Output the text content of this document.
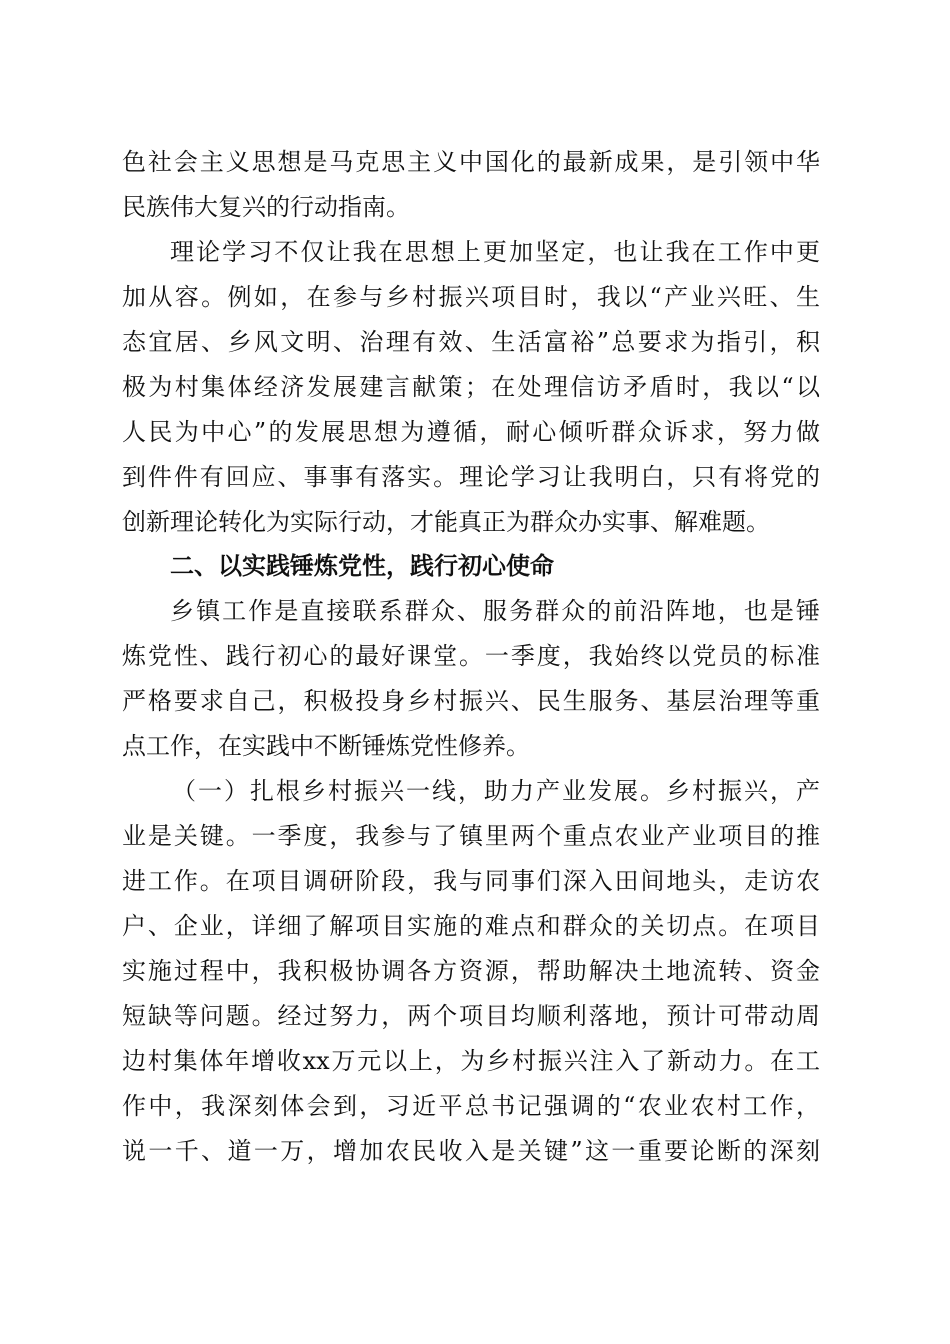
色社会主义思想是马克思主义中国化的最新成果，是引领中华
民族伟大复兴的行动指南。
理论学习不仅让我在思想上更加坚定，也让我在工作中更
加从容。例如，在参与乡村振兴项目时，我以“产业兴旺、生
态宜居、乡风文明、治理有效、生活富裕”总要求为指引，积
极为村集体经济发展建言献策；在处理信访矛盾时，我以“以
人民为中心”的发展思想为遵循，耐心倾听群众诉求，努力做
到件件有回应、事事有落实。理论学习让我明白，只有将党的
创新理论转化为实际行动，才能真正为群众办实事、解难题。
二、以实践锤炼党性，践行初心使命
乡镇工作是直接联系群众、服务群众的前沿阵地，也是锤
炼党性、践行初心的最好课堂。一季度，我始终以党员的标准
严格要求自己，积极投身乡村振兴、民生服务、基层治理等重
点工作，在实践中不断锤炼党性修养。
（一）扎根乡村振兴一线，助力产业发展。乡村振兴，产
业是关键。一季度，我参与了镇里两个重点农业产业项目的推
进工作。在项目调研阶段，我与同事们深入田间地头，走访农
户、企业，详细了解项目实施的难点和群众的关切点。在项目
实施过程中，我积极协调各方资源，帮助解决土地流转、资金
短缺等问题。经过努力，两个项目均顺利落地，预计可带动周
边村集体年增收xx万元以上，为乡村振兴注入了新动力。在工
作中，我深刻体会到，习近平总书记强调的“农业农村工作，
说一千、道一万，增加农民收入是关键”这一重要论断的深刻
